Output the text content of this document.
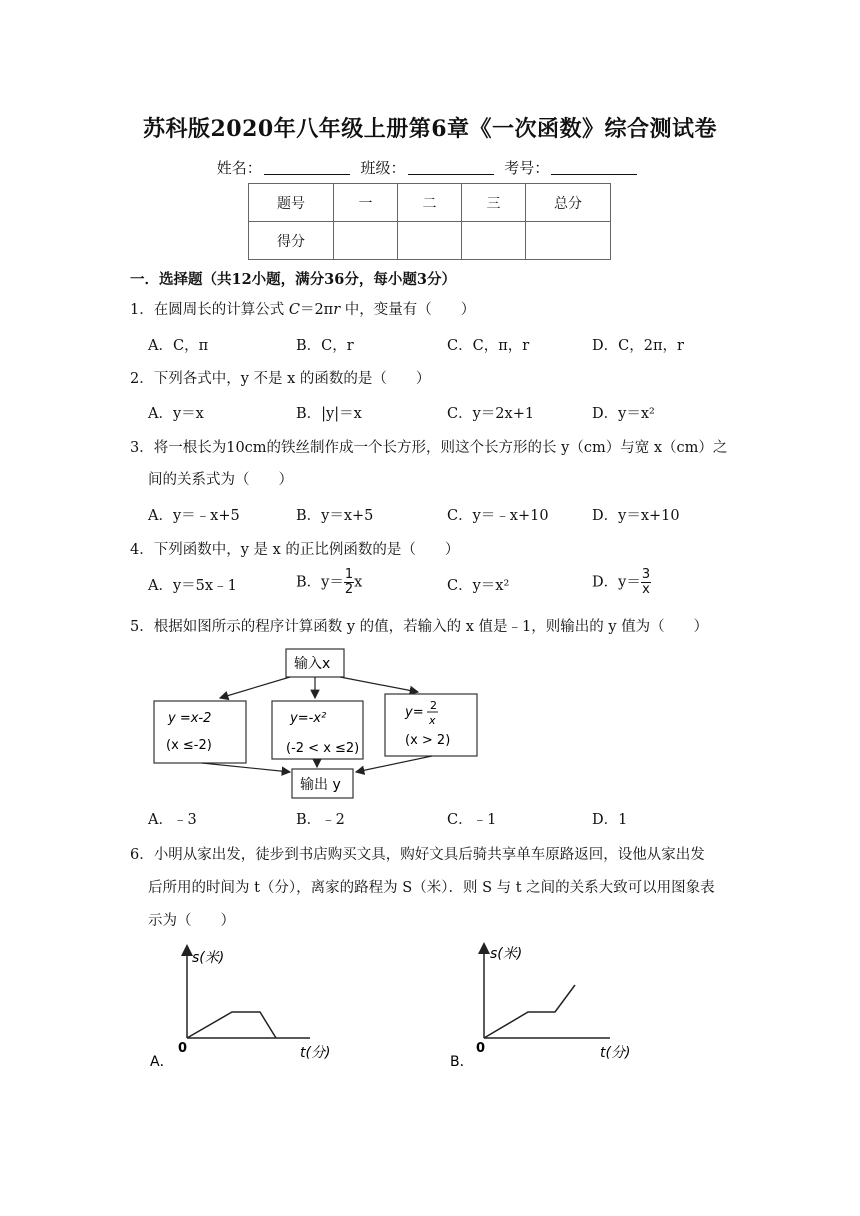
苏科版2020年八年级上册第6章《一次函数》综合测试卷
姓名：	班级：	考号：
题号	一	二	三	总分
得分				
一．选择题（共12小题，满分36分，每小题3分）
1．在圆周长的计算公式 C＝2πr 中，变量有（　　）
A．C，π	B．C，r	C．C，π，r	D．C，2π，r
2．下列各式中，y 不是 x 的函数的是（　　）
A．y＝x	B．|y|＝x	C．y＝2x+1	D．y＝x²
3．将一根长为10cm的铁丝制作成一个长方形，则这个长方形的长 y（cm）与宽 x（cm）之
间的关系式为（　　）
A．y＝﹣x+5	B．y＝x+5	C．y＝﹣x+10	D．y＝x+10
4．下列函数中，y 是 x 的正比例函数的是（　　）
A．y＝5x﹣1	B．$y= \frac{1}{2}$ x	C．y＝x²	D．$y= \frac{3}{x}$
5．根据如图所示的程序计算函数 y 的值，若输入的 x 值是﹣1，则输出的 y 值为（　　）
输入x
y =x-2
(x ≤-2)
y=-x²
(-2 < x ≤2)
y= 2
x
(x > 2)
输出 y
A．﹣3	B．﹣2	C．﹣1	D．1
6．小明从家出发，徒步到书店购买文具，购好文具后骑共享单车原路返回，设他从家出发
后所用的时间为 t（分），离家的路程为 S（米）．则 S 与 t 之间的关系大致可以用图象表
示为（　　）
s(米)
t(分)
0
A．
s(米)
t(分)
0
B．
